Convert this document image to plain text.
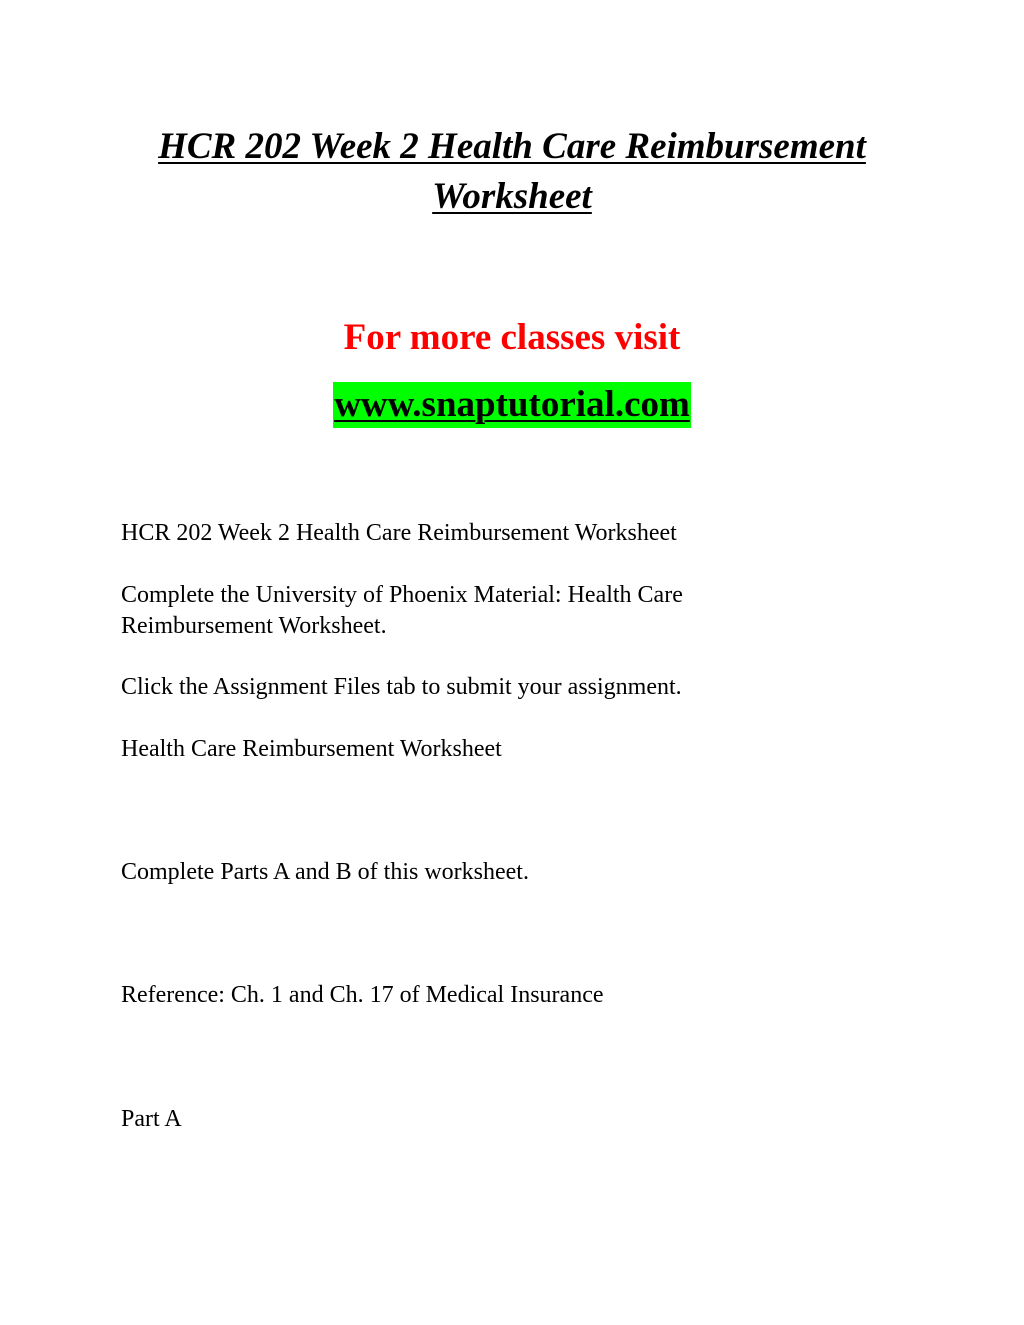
HCR 202 Week 2 Health Care Reimbursement
Worksheet
For more classes visit
www.snaptutorial.com

HCR 202 Week 2 Health Care Reimbursement Worksheet

Complete the University of Phoenix Material: Health Care

Reimbursement Worksheet.

Click the Assignment Files tab to submit your assignment.

Health Care Reimbursement Worksheet

Complete Parts A and B of this worksheet.

Reference: Ch. 1 and Ch. 17 of Medical Insurance

Part A
